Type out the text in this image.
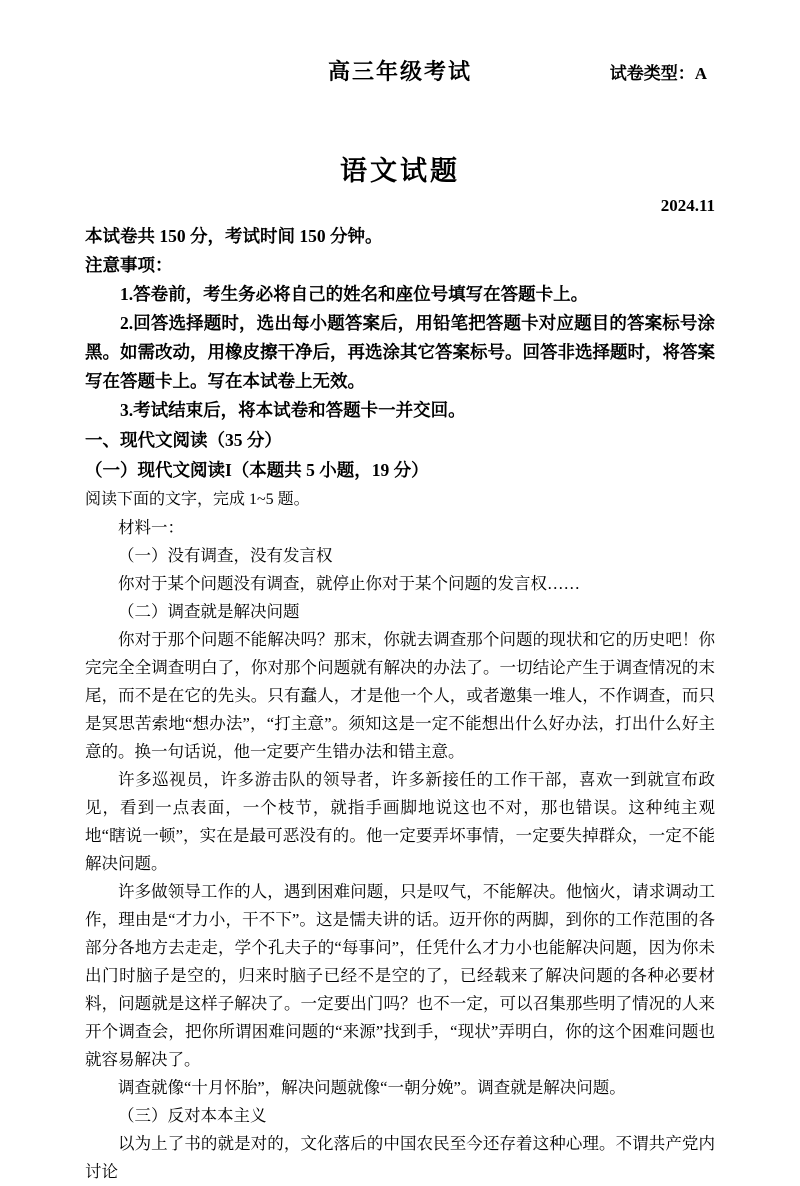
高三年级考试	试卷类型：A
语文试题
2024.11

本试卷共 150 分，考试时间 150 分钟。

注意事项：

1.答卷前，考生务必将自己的姓名和座位号填写在答题卡上。

2.回答选择题时，选出每小题答案后，用铅笔把答题卡对应题目的答案标号涂黑。如需改动，用橡皮擦干净后，再选涂其它答案标号。回答非选择题时，将答案写在答题卡上。写在本试卷上无效。

3.考试结束后，将本试卷和答题卡一并交回。

一、现代文阅读（35 分）

（一）现代文阅读I（本题共 5 小题，19 分）

阅读下面的文字，完成 1~5 题。

材料一：

（一）没有调查，没有发言权

你对于某个问题没有调查，就停止你对于某个问题的发言权……

（二）调查就是解决问题

你对于那个问题不能解决吗？那末，你就去调查那个问题的现状和它的历史吧！你完完全全调查明白了，你对那个问题就有解决的办法了。一切结论产生于调查情况的末尾，而不是在它的先头。只有蠢人，才是他一个人，或者邀集一堆人，不作调查，而只是冥思苦索地“想办法”，“打主意”。须知这是一定不能想出什么好办法，打出什么好主意的。换一句话说，他一定要产生错办法和错主意。

许多巡视员，许多游击队的领导者，许多新接任的工作干部，喜欢一到就宣布政见，看到一点表面，一个枝节，就指手画脚地说这也不对，那也错误。这种纯主观地“瞎说一顿”，实在是最可恶没有的。他一定要弄坏事情，一定要失掉群众，一定不能解决问题。

许多做领导工作的人，遇到困难问题，只是叹气，不能解决。他恼火，请求调动工作，理由是“才力小，干不下”。这是懦夫讲的话。迈开你的两脚，到你的工作范围的各部分各地方去走走，学个孔夫子的“每事问”，任凭什么才力小也能解决问题，因为你未出门时脑子是空的，归来时脑子已经不是空的了，已经载来了解决问题的各种必要材料，问题就是这样子解决了。一定要出门吗？也不一定，可以召集那些明了情况的人来开个调查会，把你所谓困难问题的“来源”找到手，“现状”弄明白，你的这个困难问题也就容易解决了。

调查就像“十月怀胎”，解决问题就像“一朝分娩”。调查就是解决问题。

（三）反对本本主义

以为上了书的就是对的，文化落后的中国农民至今还存着这种心理。不谓共产党内讨论
